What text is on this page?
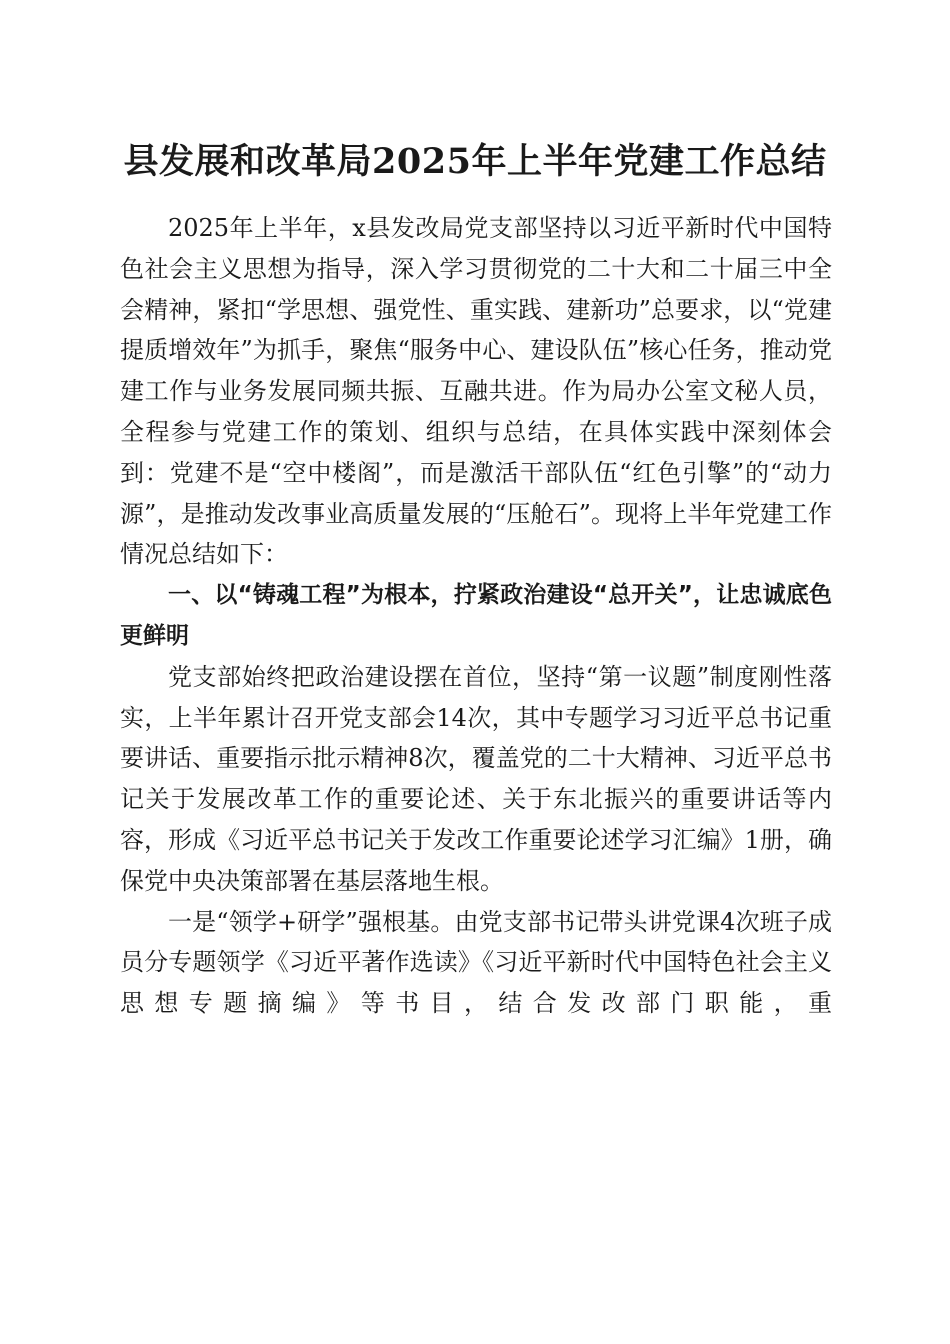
县发展和改革局2025年上半年党建工作总结

2025年上半年，x县发改局党支部坚持以习近平新时代中国特色社会主义思想为指导，深入学习贯彻党的二十大和二十届三中全会精神，紧扣“学思想、强党性、重实践、建新功”总要求，以“党建提质增效年”为抓手，聚焦“服务中心、建设队伍”核心任务，推动党建工作与业务发展同频共振、互融共进。作为局办公室文秘人员，全程参与党建工作的策划、组织与总结，在具体实践中深刻体会到：党建不是“空中楼阁”，而是激活干部队伍“红色引擎”的“动力源”，是推动发改事业高质量发展的“压舱石”。现将上半年党建工作情况总结如下：

一、以“铸魂工程”为根本，拧紧政治建设“总开关”，让忠诚底色更鲜明

党支部始终把政治建设摆在首位，坚持“第一议题”制度刚性落实，上半年累计召开党支部会14次，其中专题学习习近平总书记重要讲话、重要指示批示精神8次，覆盖党的二十大精神、习近平总书记关于发展改革工作的重要论述、关于东北振兴的重要讲话等内容，形成《习近平总书记关于发改工作重要论述学习汇编》1册，确保党中央决策部署在基层落地生根。

一是“领学+研学”强根基。由党支部书记带头讲党课4次班子成员分专题领学《习近平著作选读》《习近平新时代中国特色社会主义思想专题摘编》等书目，结合发改部门职能，重
